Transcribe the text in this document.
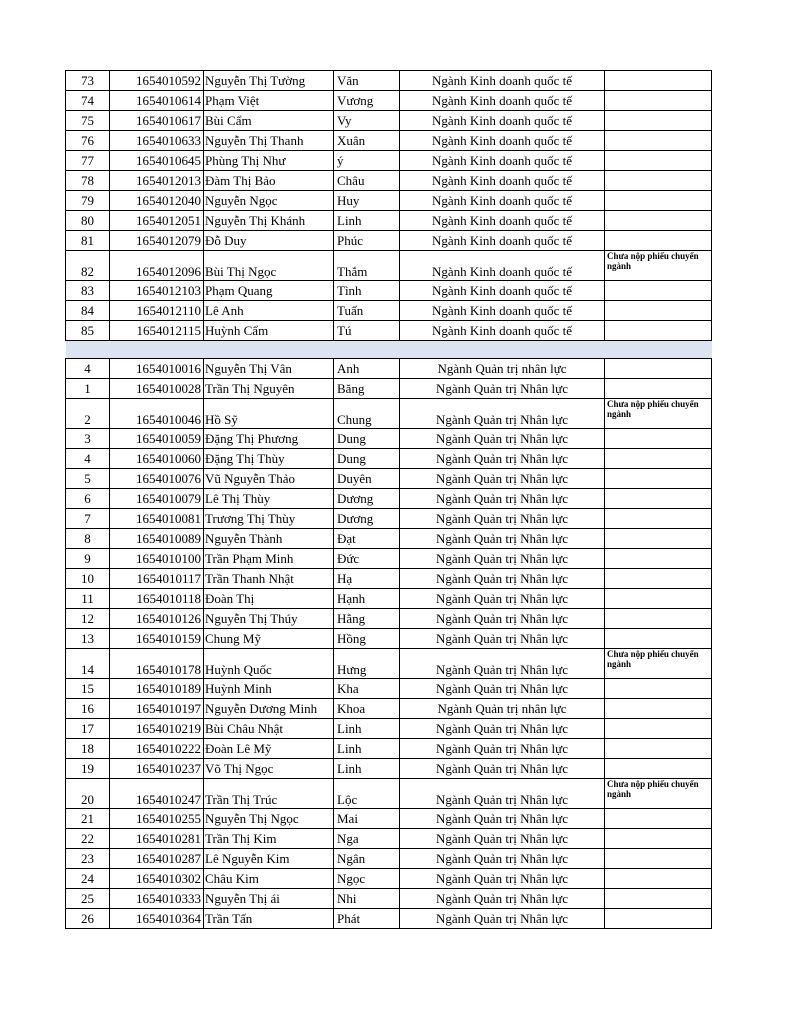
73	1654010592	Nguyễn Thị Tường	Văn	Ngành Kinh doanh quốc tế	
74	1654010614	Phạm Việt	Vương	Ngành Kinh doanh quốc tế	
75	1654010617	Bùi Cẩm	Vy	Ngành Kinh doanh quốc tế	
76	1654010633	Nguyễn Thị Thanh	Xuân	Ngành Kinh doanh quốc tế	
77	1654010645	Phùng Thị Như	ý	Ngành Kinh doanh quốc tế	
78	1654012013	Đàm Thị Bảo	Châu	Ngành Kinh doanh quốc tế	
79	1654012040	Nguyễn Ngọc	Huy	Ngành Kinh doanh quốc tế	
80	1654012051	Nguyễn Thị Khánh	Linh	Ngành Kinh doanh quốc tế	
81	1654012079	Đỗ Duy	Phúc	Ngành Kinh doanh quốc tế	
82	1654012096	Bùi Thị Ngọc	Thắm	Ngành Kinh doanh quốc tế	Chưa nộp phiếu chuyển ngành
83	1654012103	Phạm Quang	Tình	Ngành Kinh doanh quốc tế	
84	1654012110	Lê Anh	Tuấn	Ngành Kinh doanh quốc tế	
85	1654012115	Huỳnh Cẩm	Tú	Ngành Kinh doanh quốc tế	

4	1654010016	Nguyễn Thị Vân	Anh	Ngành Quản trị nhân lực	
1	1654010028	Trần Thị Nguyên	Băng	Ngành Quản trị Nhân lực	
2	1654010046	Hồ Sỹ	Chung	Ngành Quản trị Nhân lực	Chưa nộp phiếu chuyển ngành
3	1654010059	Đặng Thị Phương	Dung	Ngành Quản trị Nhân lực	
4	1654010060	Đặng Thị Thùy	Dung	Ngành Quản trị Nhân lực	
5	1654010076	Vũ Nguyễn Thảo	Duyên	Ngành Quản trị Nhân lực	
6	1654010079	Lê Thị Thùy	Dương	Ngành Quản trị Nhân lực	
7	1654010081	Trương Thị Thùy	Dương	Ngành Quản trị Nhân lực	
8	1654010089	Nguyễn Thành	Đạt	Ngành Quản trị Nhân lực	
9	1654010100	Trần Phạm Minh	Đức	Ngành Quản trị Nhân lực	
10	1654010117	Trần Thanh Nhật	Hạ	Ngành Quản trị Nhân lực	
11	1654010118	Đoàn Thị	Hạnh	Ngành Quản trị Nhân lực	
12	1654010126	Nguyễn Thị Thúy	Hằng	Ngành Quản trị Nhân lực	
13	1654010159	Chung Mỹ	Hồng	Ngành Quản trị Nhân lực	
14	1654010178	Huỳnh Quốc	Hưng	Ngành Quản trị Nhân lực	Chưa nộp phiếu chuyển ngành
15	1654010189	Huỳnh Minh	Kha	Ngành Quản trị Nhân lực	
16	1654010197	Nguyễn Dương Minh	Khoa	Ngành Quản trị nhân lực	
17	1654010219	Bùi Châu Nhật	Linh	Ngành Quản trị Nhân lực	
18	1654010222	Đoàn Lê Mỹ	Linh	Ngành Quản trị Nhân lực	
19	1654010237	Võ Thị Ngọc	Linh	Ngành Quản trị Nhân lực	
20	1654010247	Trần Thị Trúc	Lộc	Ngành Quản trị Nhân lực	Chưa nộp phiếu chuyển ngành
21	1654010255	Nguyễn Thị Ngọc	Mai	Ngành Quản trị Nhân lực	
22	1654010281	Trần Thị Kim	Nga	Ngành Quản trị Nhân lực	
23	1654010287	Lê Nguyễn Kim	Ngân	Ngành Quản trị Nhân lực	
24	1654010302	Châu Kim	Ngọc	Ngành Quản trị Nhân lực	
25	1654010333	Nguyễn Thị ái	Nhi	Ngành Quản trị Nhân lực	
26	1654010364	Trần Tấn	Phát	Ngành Quản trị Nhân lực	
